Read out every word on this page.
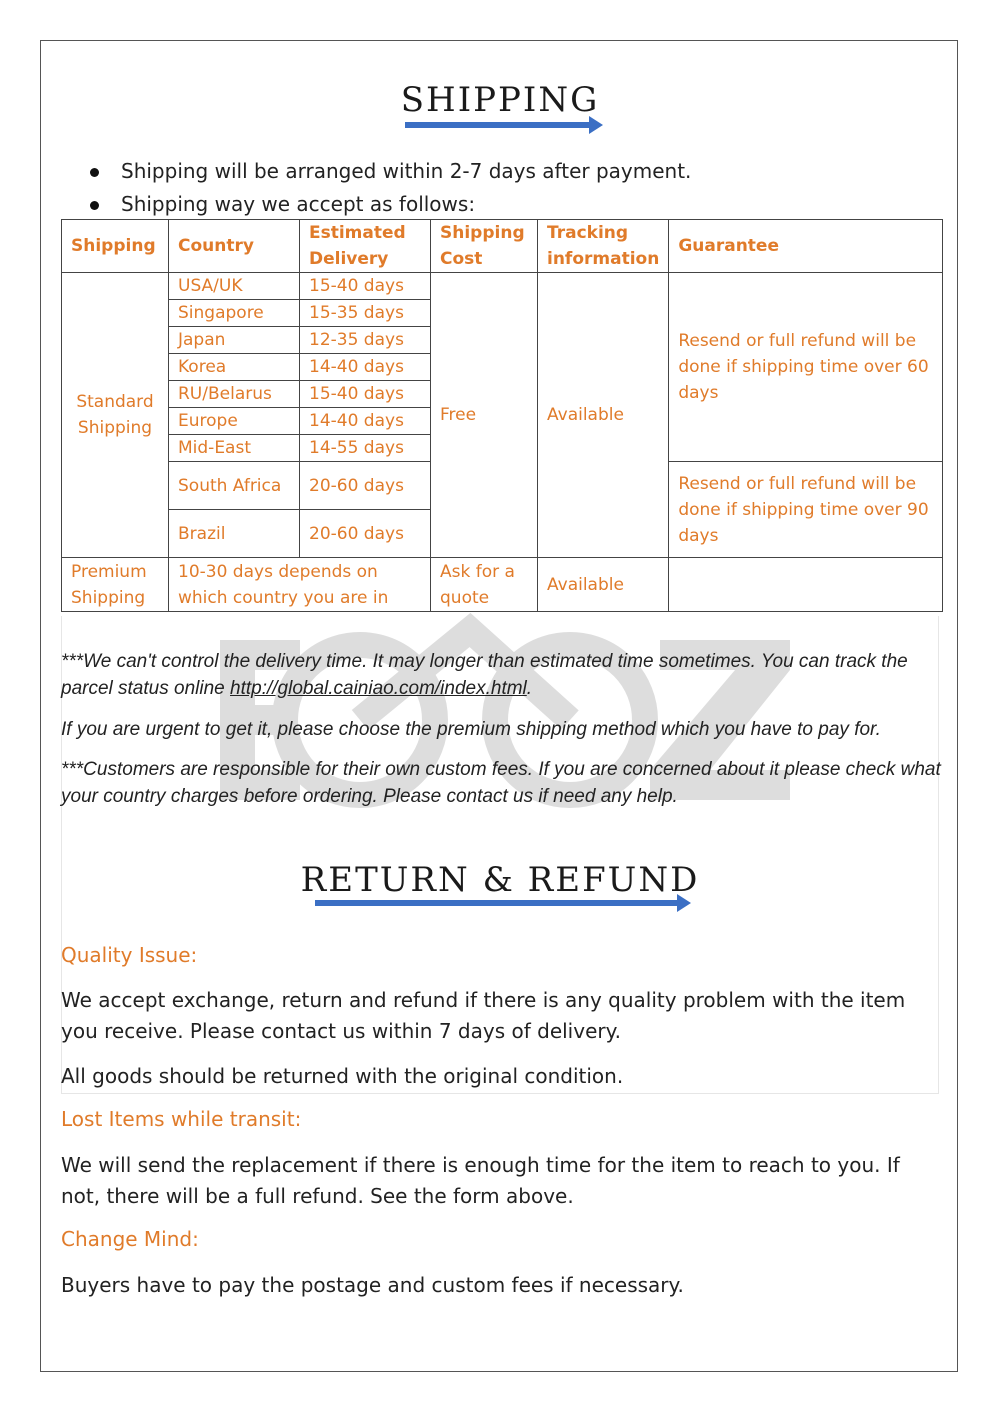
SHIPPING
Shipping will be arranged within 2-7 days after payment.
Shipping way we accept as follows:
Shipping	Country	Estimated Delivery	Shipping Cost	Tracking information	Guarantee
Standard Shipping	USA/UK	15-40 days	Free	Available	Resend or full refund will be done if shipping time over 60 days
	Singapore	15-35 days			
	Japan	12-35 days			
	Korea	14-40 days			
	RU/Belarus	15-40 days			
	Europe	14-40 days			
	Mid-East	14-55 days			
	South Africa	20-60 days			Resend or full refund will be done if shipping time over 90 days
	Brazil	20-60 days			
Premium Shipping	10-30 days depends on which country you are in		Ask for a quote	Available	
***We can't control the delivery time. It may longer than estimated time sometimes. You can track the parcel status online http://global.cainiao.com/index.html.
If you are urgent to get it, please choose the premium shipping method which you have to pay for.
***Customers are responsible for their own custom fees. If you are concerned about it please check what your country charges before ordering. Please contact us if need any help.
RETURN & REFUND
Quality Issue:
We accept exchange, return and refund if there is any quality problem with the item you receive. Please contact us within 7 days of delivery.
All goods should be returned with the original condition.
Lost Items while transit:
We will send the replacement if there is enough time for the item to reach to you. If not, there will be a full refund. See the form above.
Change Mind:
Buyers have to pay the postage and custom fees if necessary.
